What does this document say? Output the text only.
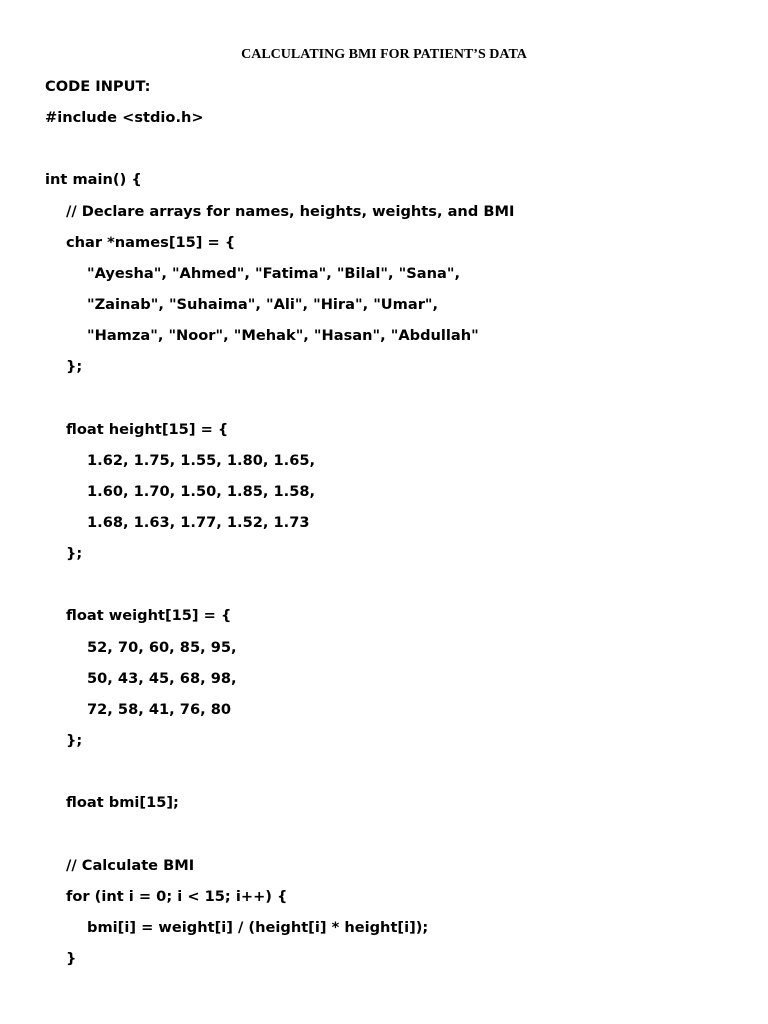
CALCULATING BMI FOR PATIENT’S DATA
CODE INPUT:
#include <stdio.h>
int main() {
// Declare arrays for names, heights, weights, and BMI
char *names[15] = {
"Ayesha", "Ahmed", "Fatima", "Bilal", "Sana",
"Zainab", "Suhaima", "Ali", "Hira", "Umar",
"Hamza", "Noor", "Mehak", "Hasan", "Abdullah"
};
float height[15] = {
1.62, 1.75, 1.55, 1.80, 1.65,
1.60, 1.70, 1.50, 1.85, 1.58,
1.68, 1.63, 1.77, 1.52, 1.73
};
float weight[15] = {
52, 70, 60, 85, 95,
50, 43, 45, 68, 98,
72, 58, 41, 76, 80
};
float bmi[15];
// Calculate BMI
for (int i = 0; i < 15; i++) {
bmi[i] = weight[i] / (height[i] * height[i]);
}
